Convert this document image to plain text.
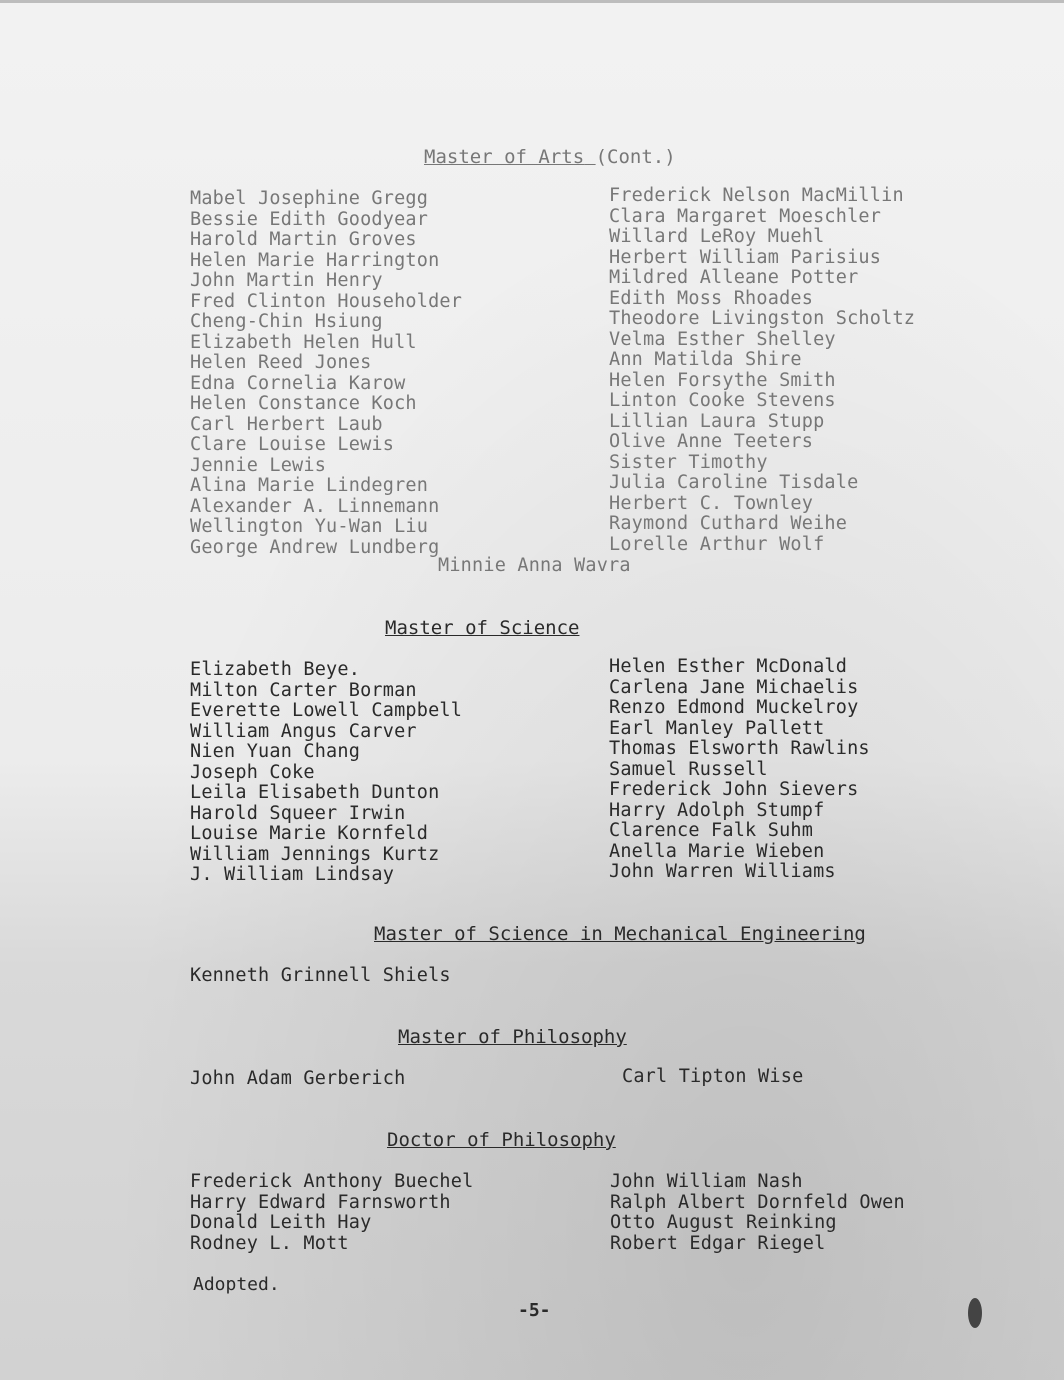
Master of Arts (Cont.)
Mabel Josephine Gregg
Bessie Edith Goodyear
Harold Martin Groves
Helen Marie Harrington
John Martin Henry
Fred Clinton Householder
Cheng-Chin Hsiung
Elizabeth Helen Hull
Helen Reed Jones
Edna Cornelia Karow
Helen Constance Koch
Carl Herbert Laub
Clare Louise Lewis
Jennie Lewis
Alina Marie Lindegren
Alexander A. Linnemann
Wellington Yu-Wan Liu
George Andrew Lundberg
Frederick Nelson MacMillin
Clara Margaret Moeschler
Willard LeRoy Muehl
Herbert William Parisius
Mildred Alleane Potter
Edith Moss Rhoades
Theodore Livingston Scholtz
Velma Esther Shelley
Ann Matilda Shire
Helen Forsythe Smith
Linton Cooke Stevens
Lillian Laura Stupp
Olive Anne Teeters
Sister Timothy
Julia Caroline Tisdale
Herbert C. Townley
Raymond Cuthard Weihe
Lorelle Arthur Wolf
Minnie Anna Wavra
Master of Science
Elizabeth Beye.
Milton Carter Borman
Everette Lowell Campbell
William Angus Carver
Nien Yuan Chang
Joseph Coke
Leila Elisabeth Dunton
Harold Squeer Irwin
Louise Marie Kornfeld
William Jennings Kurtz
J. William Lindsay
Helen Esther McDonald
Carlena Jane Michaelis
Renzo Edmond Muckelroy
Earl Manley Pallett
Thomas Elsworth Rawlins
Samuel Russell
Frederick John Sievers
Harry Adolph Stumpf
Clarence Falk Suhm
Anella Marie Wieben
John Warren Williams
Master of Science in Mechanical Engineering
Kenneth Grinnell Shiels
Master of Philosophy
John Adam Gerberich	Carl Tipton Wise
Doctor of Philosophy
Frederick Anthony Buechel
Harry Edward Farnsworth
Donald Leith Hay
Rodney L. Mott
John William Nash
Ralph Albert Dornfeld Owen
Otto August Reinking
Robert Edgar Riegel
Adopted.
-5-
